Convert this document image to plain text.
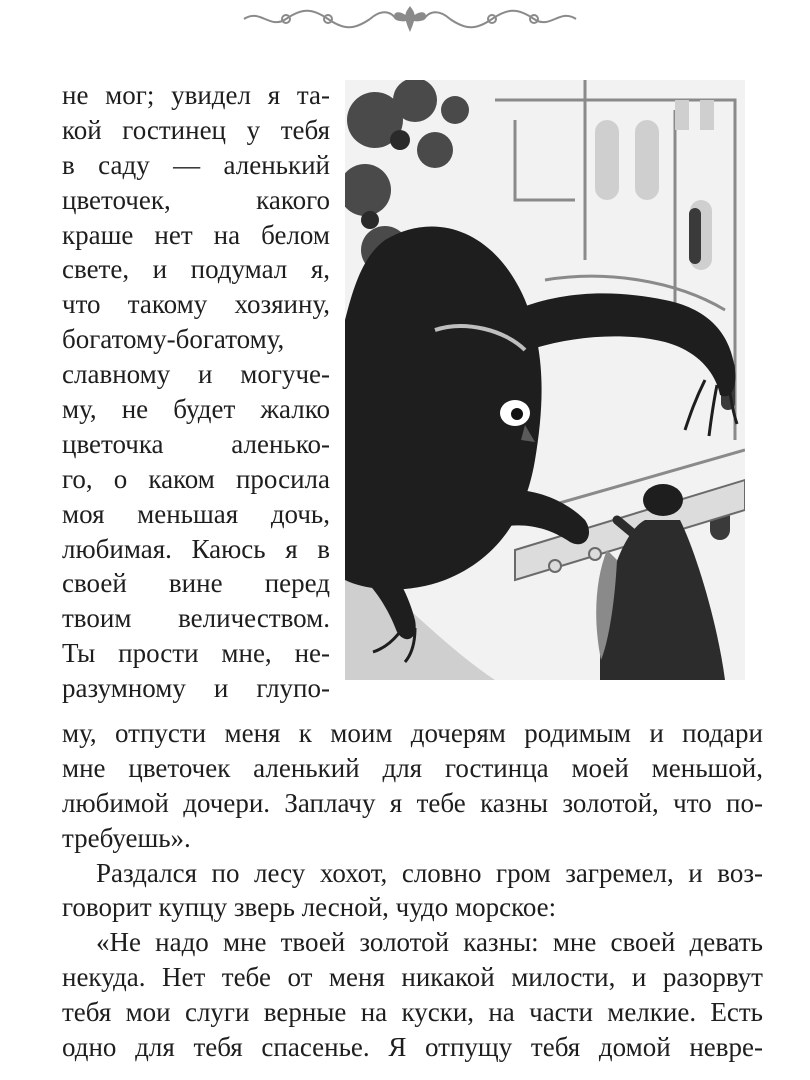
не мог; увидел я та-
кой гостинец у тебя
в саду — аленький
цветочек, какого
краше нет на белом
свете, и подумал я,
что такому хозяину,
богатому-богатому,
славному и могуче-
му, не будет жалко
цветочка аленько-
го, о каком просила
моя меньшая дочь,
любимая. Каюсь я в
своей вине перед
твоим величеством.
Ты прости мне, не-
разумному и глупо-
му, отпусти меня к моим дочерям родимым и подари
мне цветочек аленький для гостинца моей меньшой,
любимой дочери. Заплачу я тебе казны золотой, что по-
требуешь».
Раздался по лесу хохот, словно гром загремел, и воз-
говорит купцу зверь лесной, чудо морское:
«Не надо мне твоей золотой казны: мне своей девать
некуда. Нет тебе от меня никакой милости, и разорвут
тебя мои слуги верные на куски, на части мелкие. Есть
одно для тебя спасенье. Я отпущу тебя домой невре-
